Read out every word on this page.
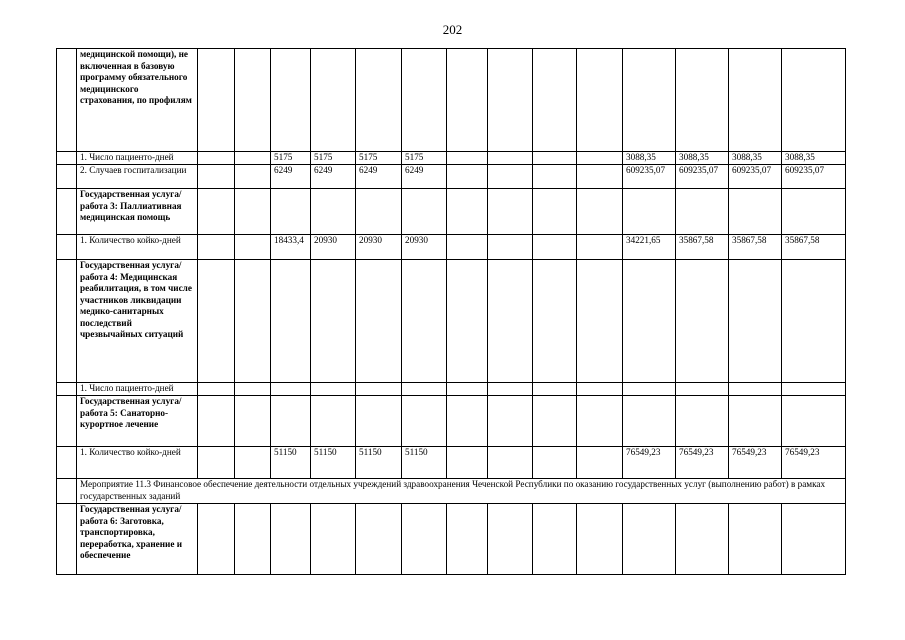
202
	медицинской помощи), не включенная в базовую программу обязательного медицинского страхования, по профилям														
	1. Число пациенто-дней			5175	5175	5175	5175					3088,35	3088,35	3088,35	3088,35
	2. Случаев госпитализации			6249	6249	6249	6249					609235,07	609235,07	609235,07	609235,07
	Государственная услуга/работа 3: Паллиативная медицинская помощь														
	1. Количество койко-дней			18433,4	20930	20930	20930					34221,65	35867,58	35867,58	35867,58
	Государственная услуга/работа 4: Медицинская реабилитация, в том числе участников ликвидации медико-санитарных последствий чрезвычайных ситуаций														
	1. Число пациенто-дней														
	Государственная услуга/работа 5: Санаторно-курортное лечение														
	1. Количество койко-дней			51150	51150	51150	51150					76549,23	76549,23	76549,23	76549,23
	Мероприятие 11.3 Финансовое обеспечение деятельности отдельных учреждений здравоохранения Чеченской Республики по оказанию государственных услуг (выполнению работ) в рамках государственных заданий														
	Государственная услуга/работа 6: Заготовка, транспортировка, переработка, хранение и обеспечение														
